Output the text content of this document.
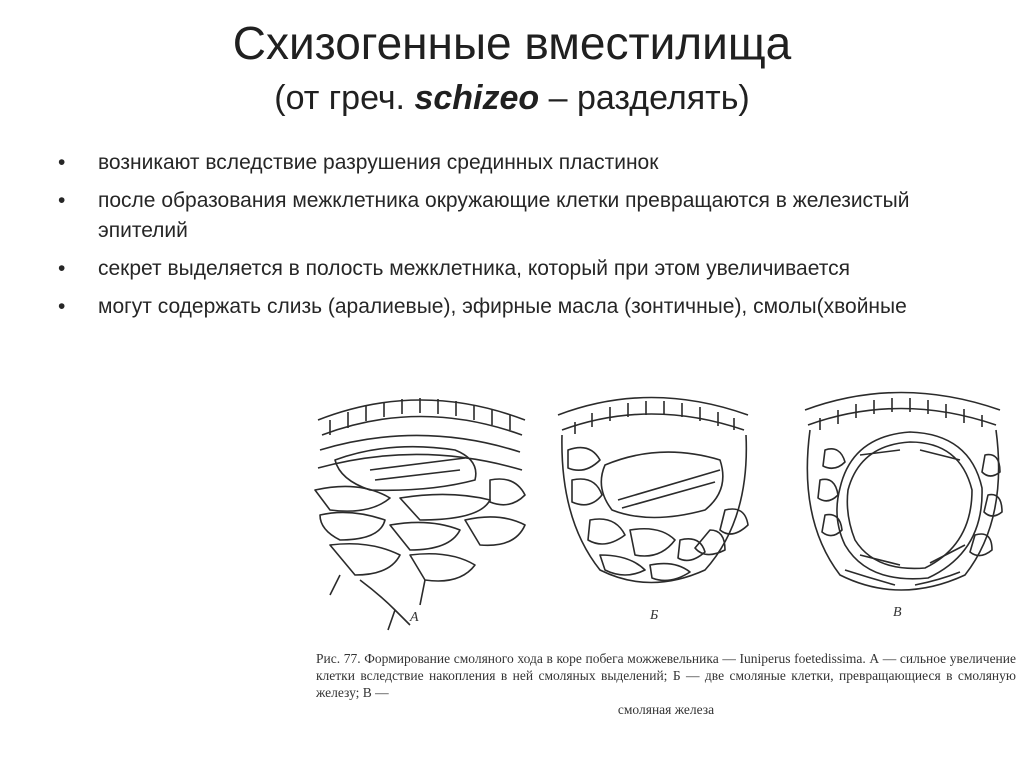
Схизогенные вместилища
(от греч. schizeo – разделять)
•	возникают вследствие разрушения срединных пластинок
•	после образования межклетника окружающие клетки превращаются в железистый эпителий
•	секрет выделяется в полость межклетника, который при этом увеличивается
•	могут содержать слизь (аралиевые), эфирные масла (зонтичные), смолы(хвойные
А	Б	В
Рис. 77. Формирование смоляного хода в коре побега можжевельника — Iuniperus foetedissima. А — сильное увеличение клетки вследствие накопления в ней смоляных выделений; Б — две смоляные клетки, превращающиеся в смоляную железу; В —
смоляная железа
